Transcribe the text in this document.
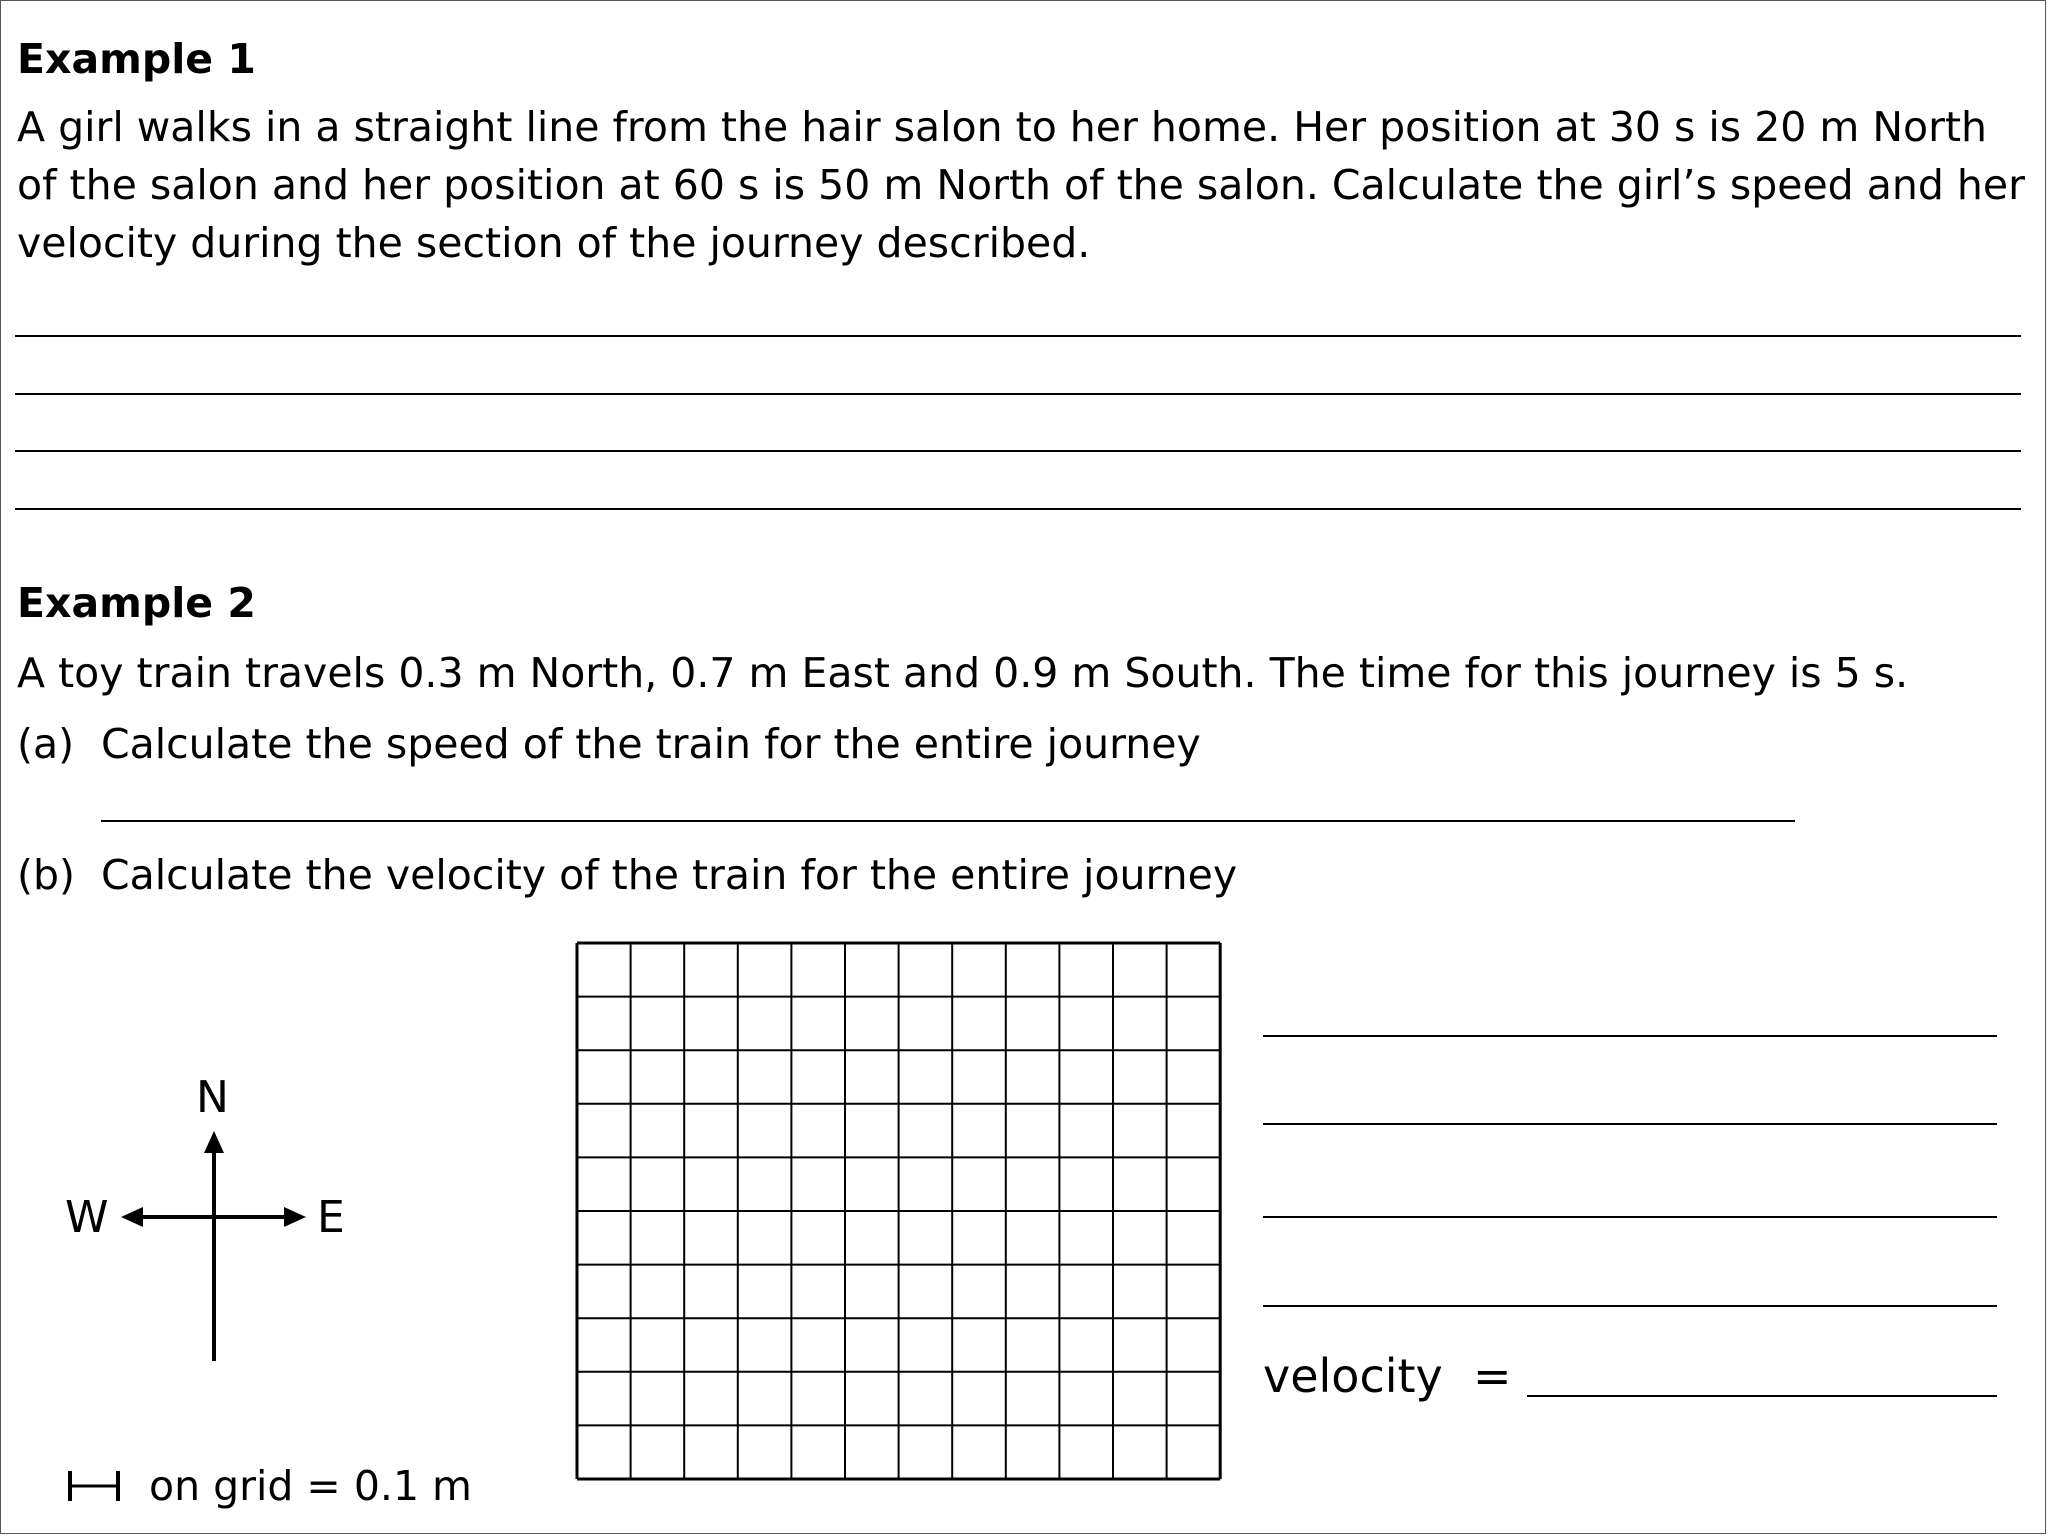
Example 1
A girl walks in a straight line from the hair salon to her home. Her position at 30 s is 20 m North of the salon and her position at 60 s is 50 m North of the salon. Calculate the girl’s speed and her velocity during the section of the journey described.
Example 2
A toy train travels 0.3 m North, 0.7 m East and 0.9 m South. The time for this journey is 5 s.
(a) Calculate the speed of the train for the entire journey
(b) Calculate the velocity of the train for the entire journey
N
W	E
on grid = 0.1 m
velocity =
